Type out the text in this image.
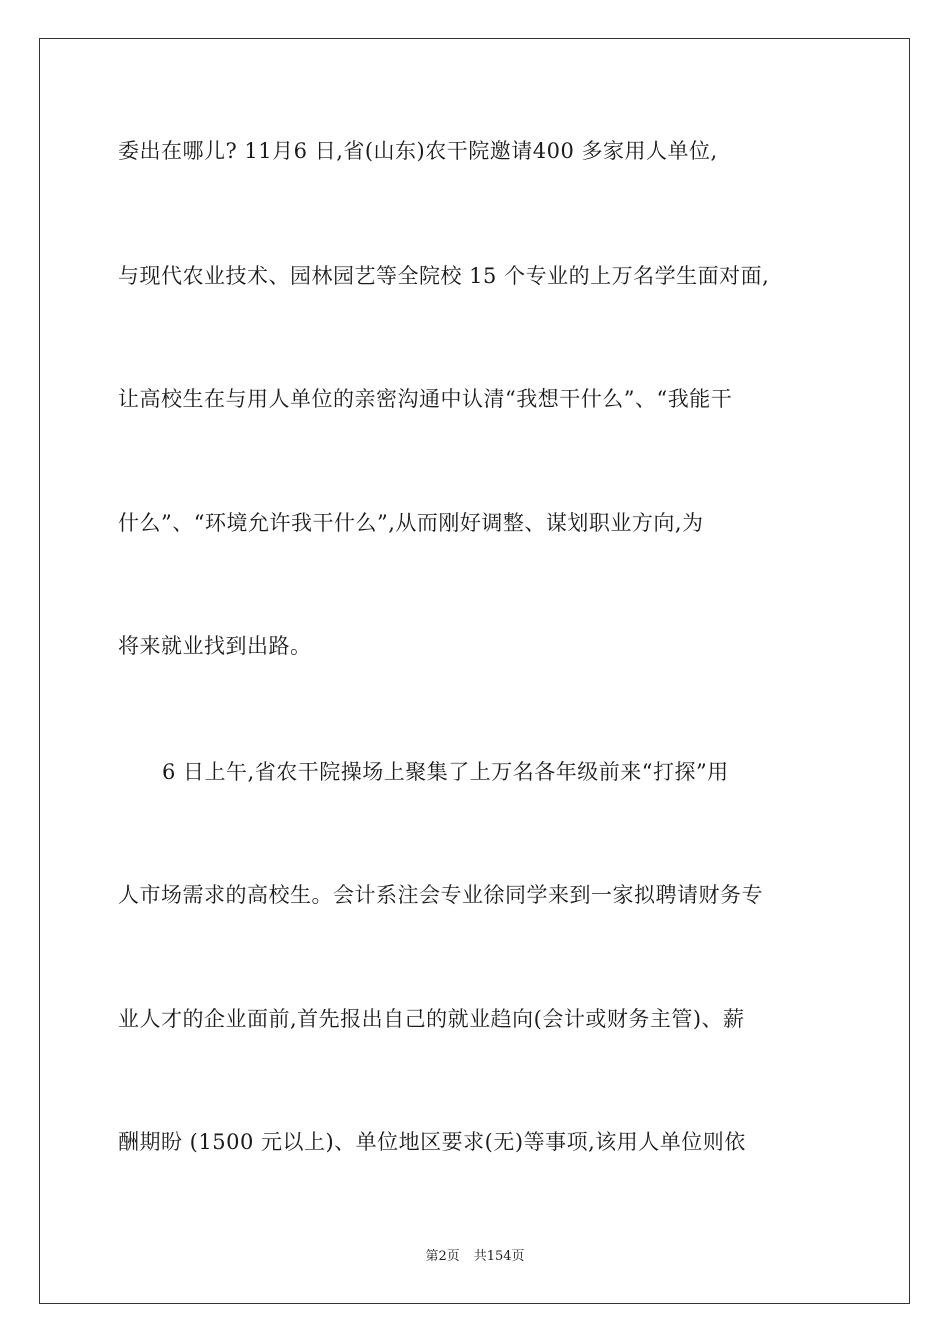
委出在哪儿? 11月6 日,省(山东)农干院邀请400 多家用人单位,
与现代农业技术、园林园艺等全院校 15 个专业的上万名学生面对面,
让高校生在与用人单位的亲密沟通中认清“我想干什么”、“我能干
什么”、“环境允许我干什么”,从而刚好调整、谋划职业方向,为
将来就业找到出路。
6 日上午,省农干院操场上聚集了上万名各年级前来“打探”用
人市场需求的高校生。会计系注会专业徐同学来到一家拟聘请财务专
业人才的企业面前,首先报出自己的就业趋向(会计或财务主管)、薪
酬期盼 (1500 元以上)、单位地区要求(无)等事项,该用人单位则依
第2页 共154页
